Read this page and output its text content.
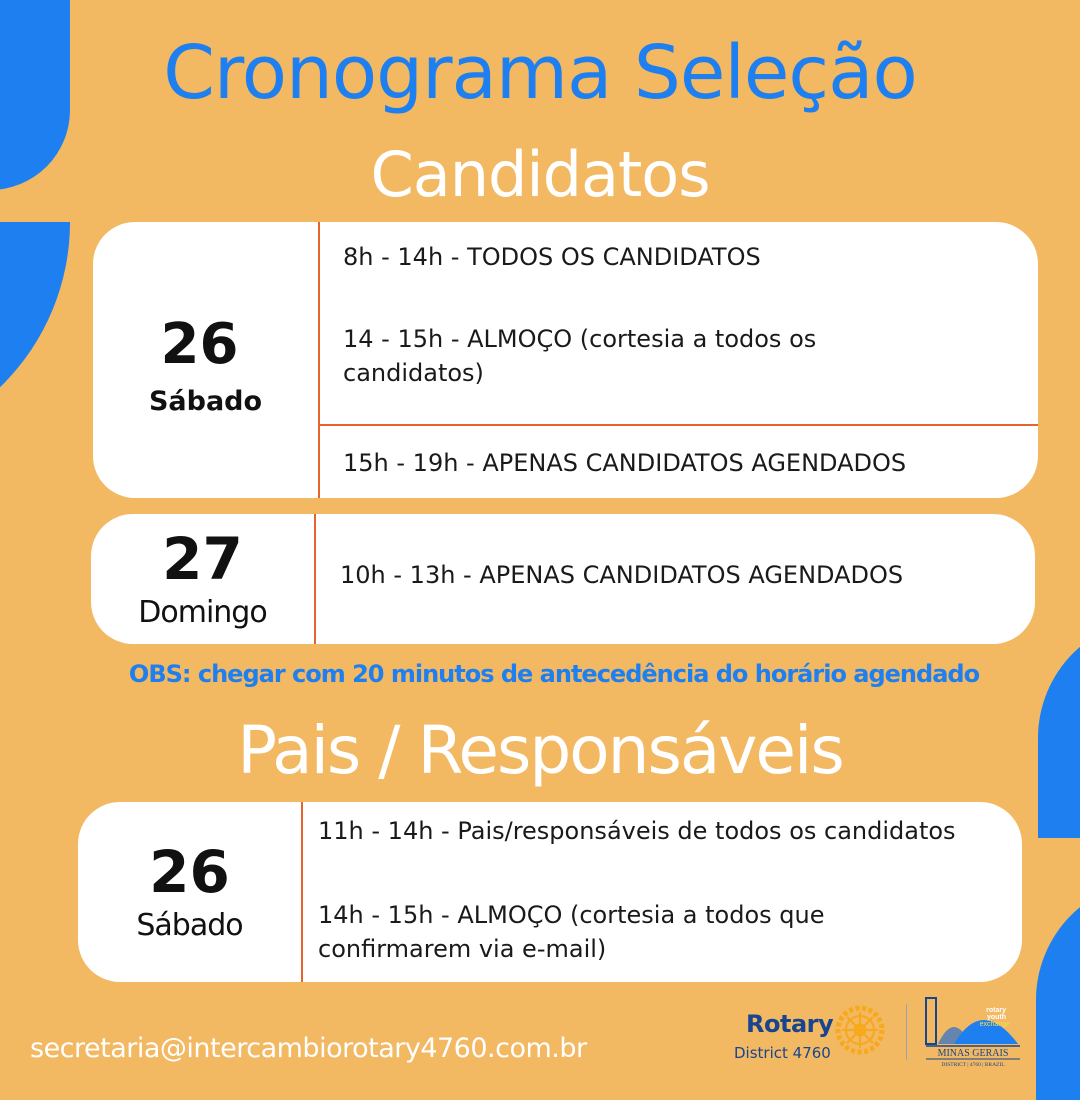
Cronograma Seleção
Candidatos
26
Sábado
8h - 14h - TODOS OS CANDIDATOS
14 - 15h - ALMOÇO (cortesia a todos os candidatos)
15h - 19h - APENAS CANDIDATOS AGENDADOS
27
Domingo
10h - 13h - APENAS CANDIDATOS AGENDADOS
OBS: chegar com 20 minutos de antecedência do horário agendado
Pais / Responsáveis
26
Sábado
11h - 14h - Pais/responsáveis de todos os candidatos
14h - 15h - ALMOÇO (cortesia a todos que confirmarem via e-mail)
secretaria@intercambiorotary4760.com.br
Rotary
District 4760
rotary
youth
exchange
MINAS GERAIS
DISTRICT | 4760 | BRAZIL
